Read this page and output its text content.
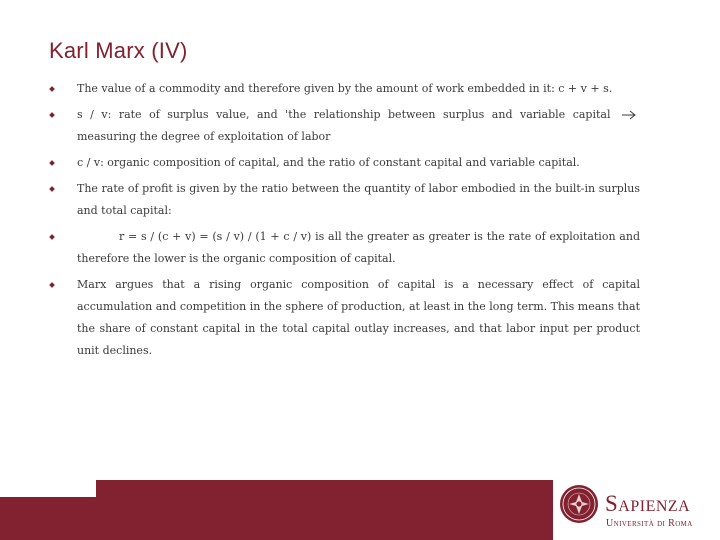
Karl Marx (IV)
The value of a commodity and therefore given by the amount of work embedded in it: c + v + s.
s / v: rate of surplus value, and 'the relationship between surplus and variable capital  measuring the degree of exploitation of labor
c / v: organic composition of capital, and the ratio of constant capital and variable capital.
The rate of profit is given by the ratio between the quantity of labor embodied in the built-in surplus and total capital:
r = s / (c + v) = (s / v) / (1 + c / v) is all the greater as greater is the rate of exploitation and therefore the lower is the organic composition of capital.
Marx argues that a rising organic composition of capital is a necessary effect of capital accumulation and competition in the sphere of production, at least in the long term. This means that the share of constant capital in the total capital outlay increases, and that labor input per product unit declines.
Sapienza
Università di Roma
